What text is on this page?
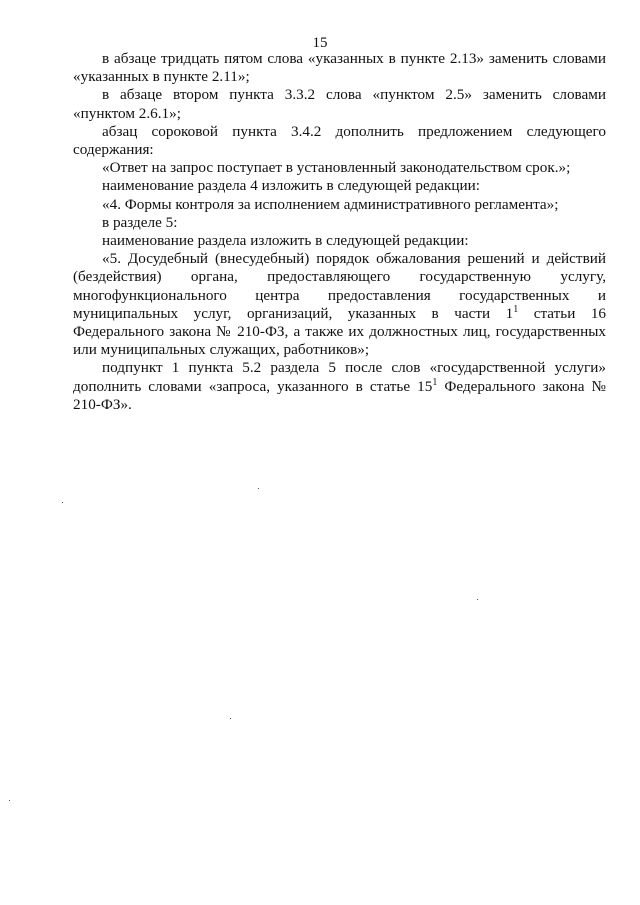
15

в абзаце тридцать пятом слова «указанных в пункте 2.13» заменить словами «указанных в пункте 2.11»;

в абзаце втором пункта 3.3.2 слова «пунктом 2.5» заменить словами «пунктом 2.6.1»;

абзац сороковой пункта 3.4.2 дополнить предложением следующего содержания:

«Ответ на запрос поступает в установленный законодательством срок.»;

наименование раздела 4 изложить в следующей редакции:

«4. Формы контроля за исполнением административного регламента»;

в разделе 5:

наименование раздела изложить в следующей редакции:

«5. Досудебный (внесудебный) порядок обжалования решений и действий (бездействия) органа, предоставляющего государственную услугу, многофункционального центра предоставления государственных и муниципальных услуг, организаций, указанных в части $1^1$ статьи 16 Федерального закона № 210-ФЗ, а также их должностных лиц, государственных или муниципальных служащих, работников»;

подпункт 1 пункта 5.2 раздела 5 после слов «государственной услуги» дополнить словами «запроса, указанного в статье $15^1$ Федерального закона № 210-ФЗ».
